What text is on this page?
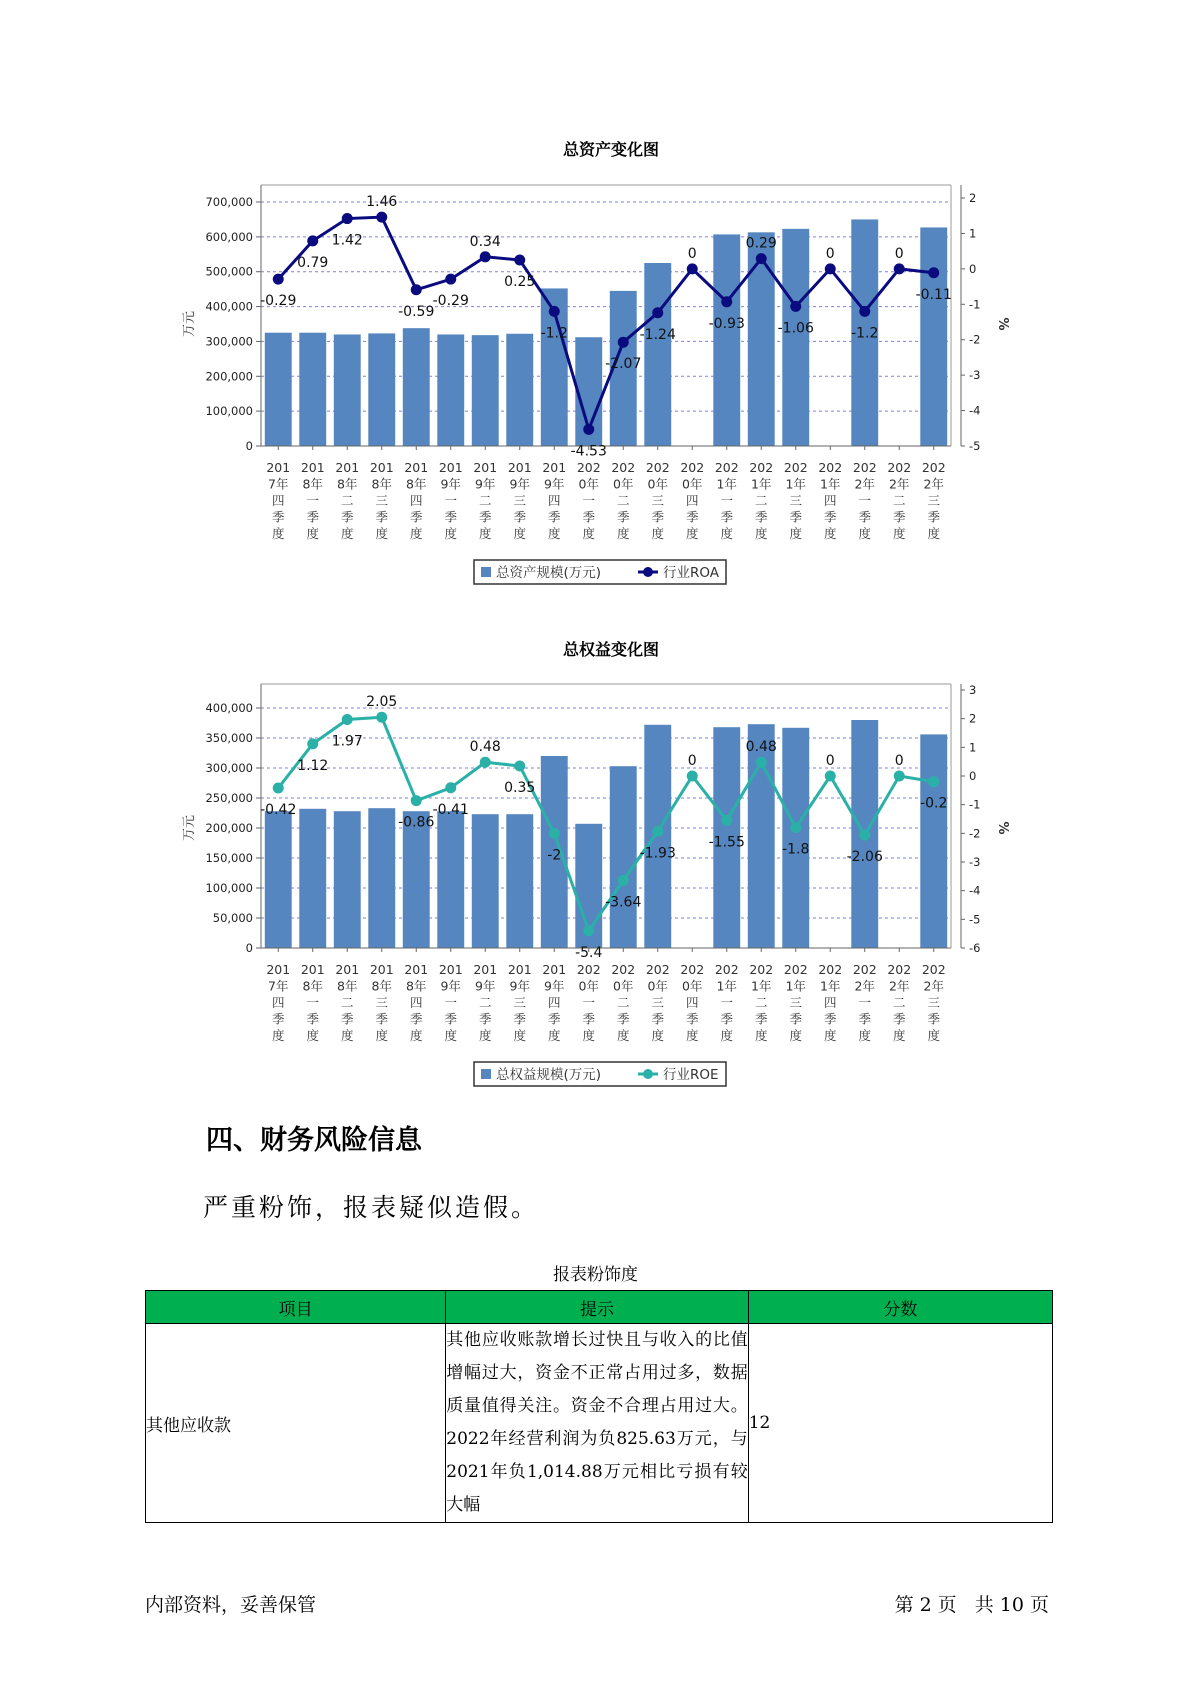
总资产变化图
0
100,000
200,000
300,000
400,000
500,000
600,000
700,000
-5
-4
-3
-2
-1
0
1
2
万元	%
201 7年四季度
201 8年一季度
201 8年二季度
201 8年三季度
201 8年四季度
201 9年一季度
201 9年二季度
201 9年三季度
201 9年四季度
202 0年一季度
202 0年二季度
202 0年三季度
202 0年四季度
202 1年一季度
202 1年二季度
202 1年三季度
202 1年四季度
202 2年一季度
202 2年二季度
202 2年三季度
-0.29
0.79
1.42
1.46
-0.59
-0.29
0.34
0.25
-1.2
-4.53
-2.07
-1.24
0
-0.93
0.29
-1.06
0
-1.2
0
-0.11
总资产规模(万元)	行业ROA
总权益变化图
0
50,000
100,000
150,000
200,000
250,000
300,000
350,000
400,000
-6
-5
-4
-3
-2
-1
0
1
2
3
万元	%
201 7年四季度
201 8年一季度
201 8年二季度
201 8年三季度
201 8年四季度
201 9年一季度
201 9年二季度
201 9年三季度
201 9年四季度
202 0年一季度
202 0年二季度
202 0年三季度
202 0年四季度
202 1年一季度
202 1年二季度
202 1年三季度
202 1年四季度
202 2年一季度
202 2年二季度
202 2年三季度
-0.42
1.12
1.97
2.05
-0.86
-0.41
0.48
0.35
-2
-5.4
-3.64
-1.93
0
-1.55
0.48
-1.8
0
-2.06
0
-0.2
总权益规模(万元)	行业ROE
四、财务风险信息
严重粉饰，报表疑似造假。
报表粉饰度
项目	提示	分数
其他应收款	其他应收账款增长过快且与收入的比值增幅过大，资金不正常占用过多，数据质量值得关注。资金不合理占用过大。2022年经营利润为负825.63万元，与2021年负1,014.88万元相比亏损有较大幅	12
内部资料，妥善保管	第 2 页 共 10 页
